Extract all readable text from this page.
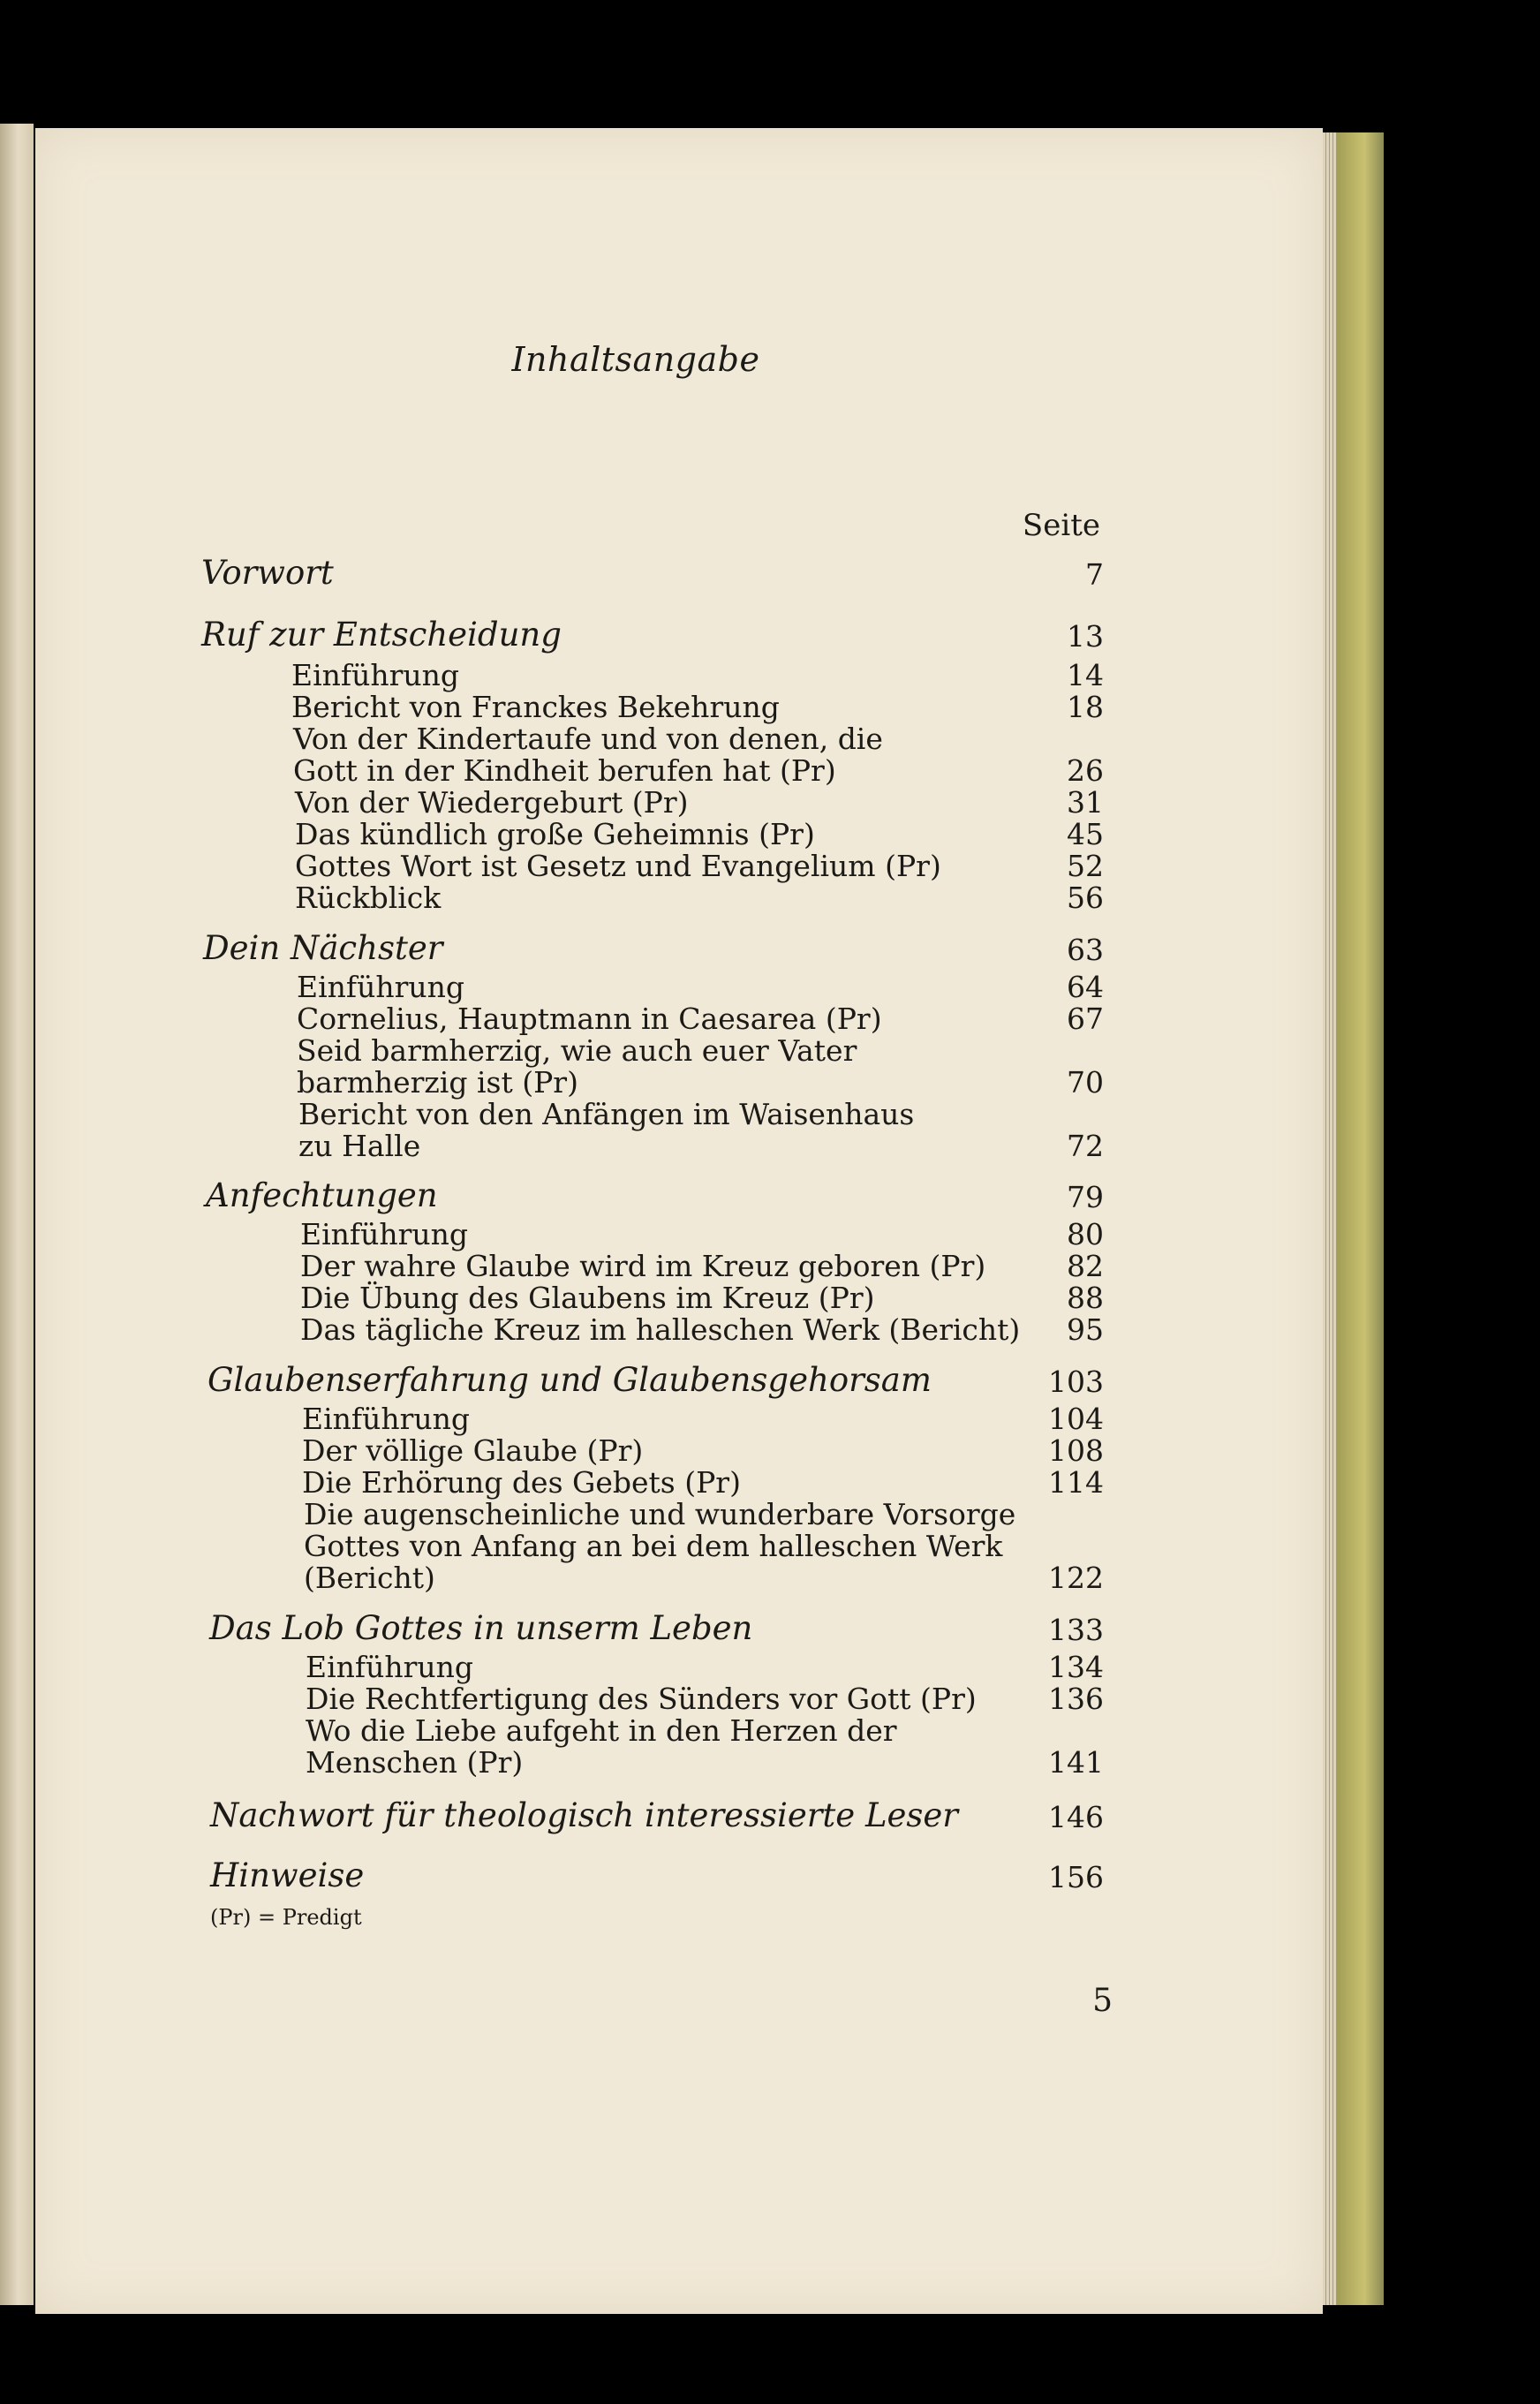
Inhaltsangabe
Seite
Vorwort	7
Ruf zur Entscheidung	13
Einführung	14
Bericht von Franckes Bekehrung	18
Von der Kindertaufe und von denen, die
Gott in der Kindheit berufen hat (Pr)	26
Von der Wiedergeburt (Pr)	31
Das kündlich große Geheimnis (Pr)	45
Gottes Wort ist Gesetz und Evangelium (Pr)	52
Rückblick	56
Dein Nächster	63
Einführung	64
Cornelius, Hauptmann in Caesarea (Pr)	67
Seid barmherzig, wie auch euer Vater
barmherzig ist (Pr)	70
Bericht von den Anfängen im Waisenhaus
zu Halle	72
Anfechtungen	79
Einführung	80
Der wahre Glaube wird im Kreuz geboren (Pr)	82
Die Übung des Glaubens im Kreuz (Pr)	88
Das tägliche Kreuz im halleschen Werk (Bericht)	95
Glaubenserfahrung und Glaubensgehorsam	103
Einführung	104
Der völlige Glaube (Pr)	108
Die Erhörung des Gebets (Pr)	114
Die augenscheinliche und wunderbare Vorsorge
Gottes von Anfang an bei dem halleschen Werk
(Bericht)	122
Das Lob Gottes in unserm Leben	133
Einführung	134
Die Rechtfertigung des Sünders vor Gott (Pr)	136
Wo die Liebe aufgeht in den Herzen der
Menschen (Pr)	141
Nachwort für theologisch interessierte Leser	146
Hinweise	156
(Pr) = Predigt
5
